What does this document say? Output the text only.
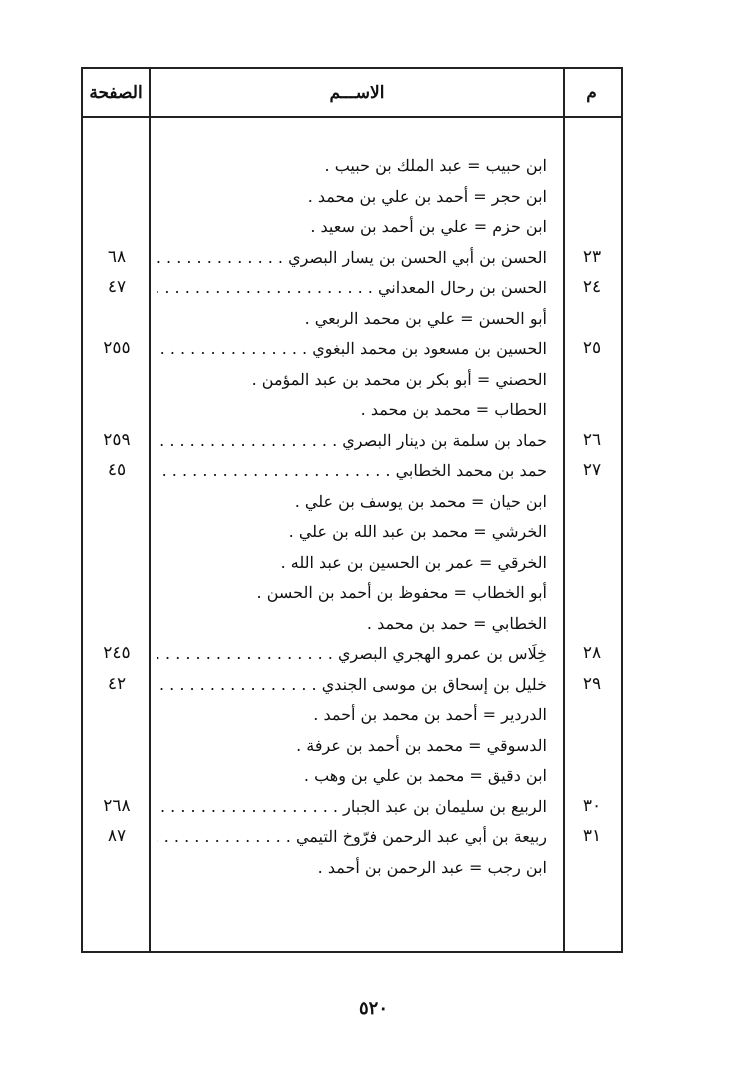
م
الاســـم
الصفحة
ابن حبيب = عبد الملك بن حبيب .
ابن حجر = أحمد بن علي بن محمد .
ابن حزم = علي بن أحمد بن سعيد .
٢٣
الحسن بن أبي الحسن بن يسار البصري . . .
٦٨
٢٤
الحسن بن رحال المعداني . . .
٤٧
أبو الحسن = علي بن محمد الربعي .
٢٥
الحسين بن مسعود بن محمد البغوي . . .
٢٥٥
الحصني = أبو بكر بن محمد بن عبد المؤمن .
الحطاب = محمد بن محمد .
٢٦
حماد بن سلمة بن دينار البصري . . .
٢٥٩
٢٧
حمد بن محمد الخطابي . . .
٤٥
ابن حيان = محمد بن يوسف بن علي .
الخرشي = محمد بن عبد الله بن علي .
الخرقي = عمر بن الحسين بن عبد الله .
أبو الخطاب = محفوظ بن أحمد بن الحسن .
الخطابي = حمد بن محمد .
٢٨
خِلَاس بن عمرو الهجري البصري . . .
٢٤٥
٢٩
خليل بن إسحاق بن موسى الجندي . . .
٤٢
الدردير = أحمد بن محمد بن أحمد .
الدسوقي = محمد بن أحمد بن عرفة .
ابن دقيق = محمد بن علي بن وهب .
٣٠
الربيع بن سليمان بن عبد الجبار . . .
٢٦٨
٣١
ربيعة بن أبي عبد الرحمن فرّوخ التيمي . . .
٨٧
ابن رجب = عبد الرحمن بن أحمد .
٥٢٠
